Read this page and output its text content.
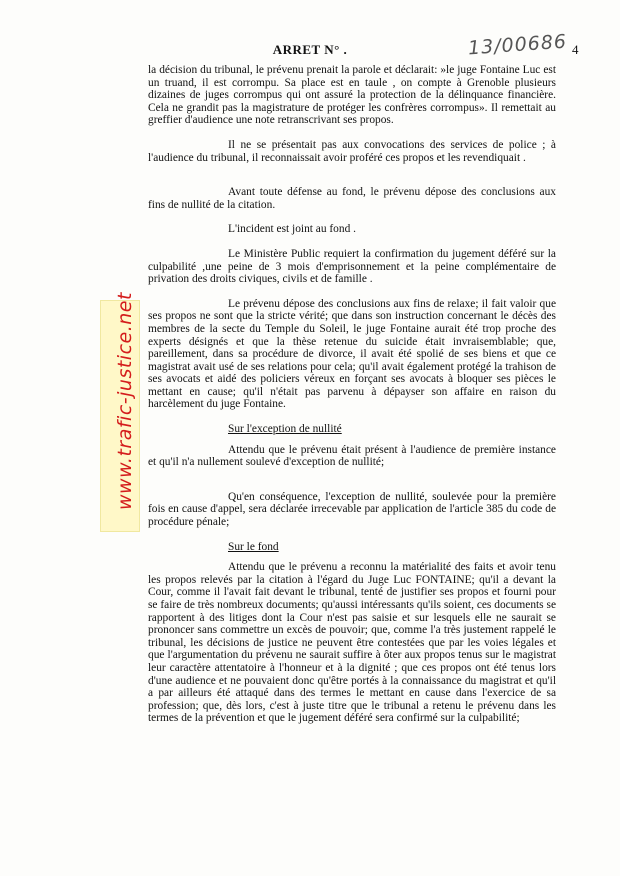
ARRET N° .	13/00686 4
www.trafic-justice.net

la décision du tribunal, le prévenu prenait la parole et déclarait: »le juge Fontaine Luc est un truand, il est corrompu. Sa place est en taule , on compte à Grenoble plusieurs dizaines de juges corrompus qui ont assuré la protection de la délinquance financière. Cela ne grandit pas la magistrature de protéger les confrères corrompus». Il remettait au greffier d'audience une note retranscrivant ses propos.

Il ne se présentait pas aux convocations des services de police ; à l'audience du tribunal, il reconnaissait avoir proféré ces propos et les revendiquait .

Avant toute défense au fond, le prévenu dépose des conclusions aux fins de nullité de la citation.

L'incident est joint au fond .

Le Ministère Public requiert la confirmation du jugement déféré sur la culpabilité ,une peine de 3 mois d'emprisonnement et la peine complémentaire de privation des droits civiques, civils et de famille .

Le prévenu dépose des conclusions aux fins de relaxe; il fait valoir que ses propos ne sont que la stricte vérité; que dans son instruction concernant le décès des membres de la secte du Temple du Soleil, le juge Fontaine aurait été trop proche des experts désignés et que la thèse retenue du suicide était invraisemblable; que, pareillement, dans sa procédure de divorce, il avait été spolié de ses biens et que ce magistrat avait usé de ses relations pour cela; qu'il avait également protégé la trahison de ses avocats et aidé des policiers véreux en forçant ses avocats à bloquer ses pièces le mettant en cause; qu'il n'était pas parvenu à dépayser son affaire en raison du harcèlement du juge Fontaine.

Sur l'exception de nullité

Attendu que le prévenu était présent à l'audience de première instance et qu'il n'a nullement soulevé d'exception de nullité;

Qu'en conséquence, l'exception de nullité, soulevée pour la première fois en cause d'appel, sera déclarée irrecevable par application de l'article 385 du code de procédure pénale;

Sur le fond

Attendu que le prévenu a reconnu la matérialité des faits et avoir tenu les propos relevés par la citation à l'égard du Juge Luc FONTAINE; qu'il a devant la Cour, comme il l'avait fait devant le tribunal, tenté de justifier ses propos et fourni pour se faire de très nombreux documents; qu'aussi intéressants qu'ils soient, ces documents se rapportent à des litiges dont la Cour n'est pas saisie et sur lesquels elle ne saurait se prononcer sans commettre un excès de pouvoir; que, comme l'a très justement rappelé le tribunal, les décisions de justice ne peuvent être contestées que par les voies légales et que l'argumentation du prévenu ne saurait suffire à ôter aux propos tenus sur le magistrat leur caractère attentatoire à l'honneur et à la dignité ; que ces propos ont été tenus lors d'une audience et ne pouvaient donc qu'être portés à la connaissance du magistrat et qu'il a par ailleurs été attaqué dans des termes le mettant en cause dans l'exercice de sa profession; que, dès lors, c'est à juste titre que le tribunal a retenu le prévenu dans les termes de la prévention et que le jugement déféré sera confirmé sur la culpabilité;
